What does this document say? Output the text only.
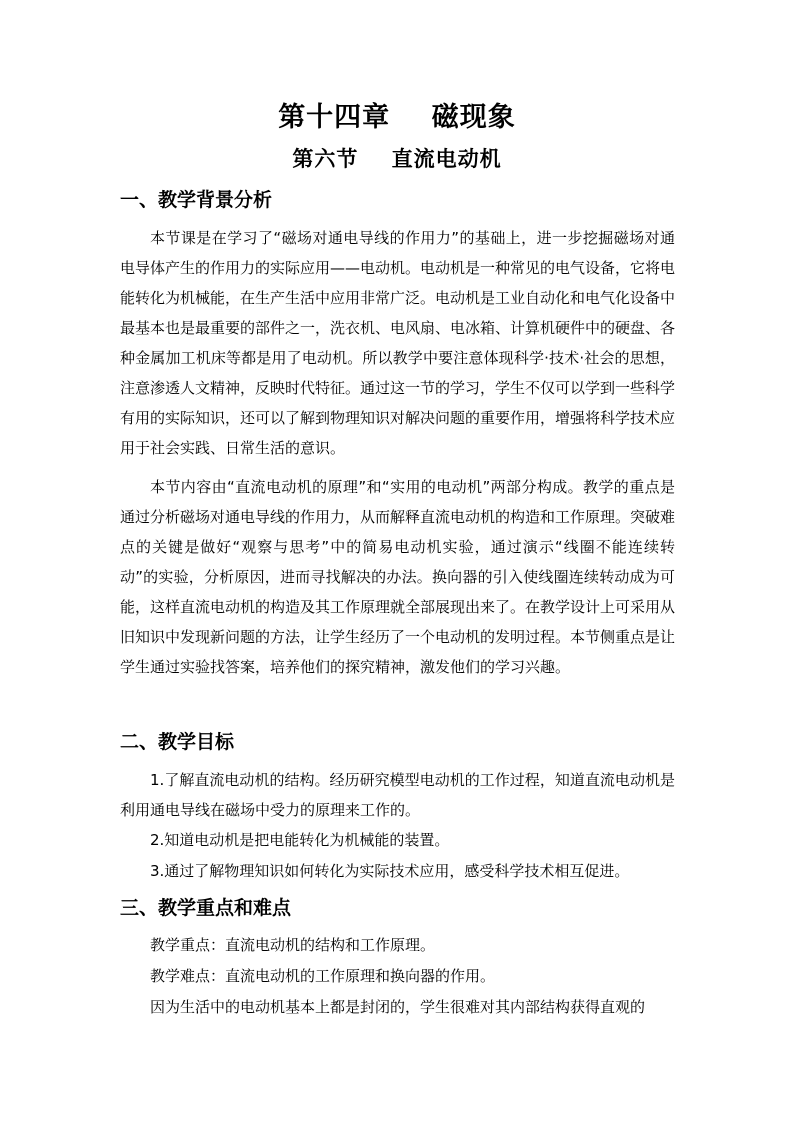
第十四章    磁现象
第六节    直流电动机
一、教学背景分析

本节课是在学习了“磁场对通电导线的作用力”的基础上，进一步挖掘磁场对通电导体产生的作用力的实际应用——电动机。电动机是一种常见的电气设备，它将电能转化为机械能，在生产生活中应用非常广泛。电动机是工业自动化和电气化设备中最基本也是最重要的部件之一，洗衣机、电风扇、电冰箱、计算机硬件中的硬盘、各种金属加工机床等都是用了电动机。所以教学中要注意体现科学·技术·社会的思想，注意渗透人文精神，反映时代特征。通过这一节的学习，学生不仅可以学到一些科学有用的实际知识，还可以了解到物理知识对解决问题的重要作用，增强将科学技术应用于社会实践、日常生活的意识。

本节内容由“直流电动机的原理”和“实用的电动机”两部分构成。教学的重点是通过分析磁场对通电导线的作用力，从而解释直流电动机的构造和工作原理。突破难点的关键是做好“观察与思考”中的简易电动机实验，通过演示“线圈不能连续转动”的实验，分析原因，进而寻找解决的办法。换向器的引入使线圈连续转动成为可能，这样直流电动机的构造及其工作原理就全部展现出来了。在教学设计上可采用从旧知识中发现新问题的方法，让学生经历了一个电动机的发明过程。本节侧重点是让学生通过实验找答案，培养他们的探究精神，激发他们的学习兴趣。

二、教学目标

1.了解直流电动机的结构。经历研究模型电动机的工作过程，知道直流电动机是利用通电导线在磁场中受力的原理来工作的。

2.知道电动机是把电能转化为机械能的装置。
3.通过了解物理知识如何转化为实际技术应用，感受科学技术相互促进。
三、教学重点和难点
教学重点：直流电动机的结构和工作原理。
教学难点：直流电动机的工作原理和换向器的作用。
因为生活中的电动机基本上都是封闭的，学生很难对其内部结构获得直观的
